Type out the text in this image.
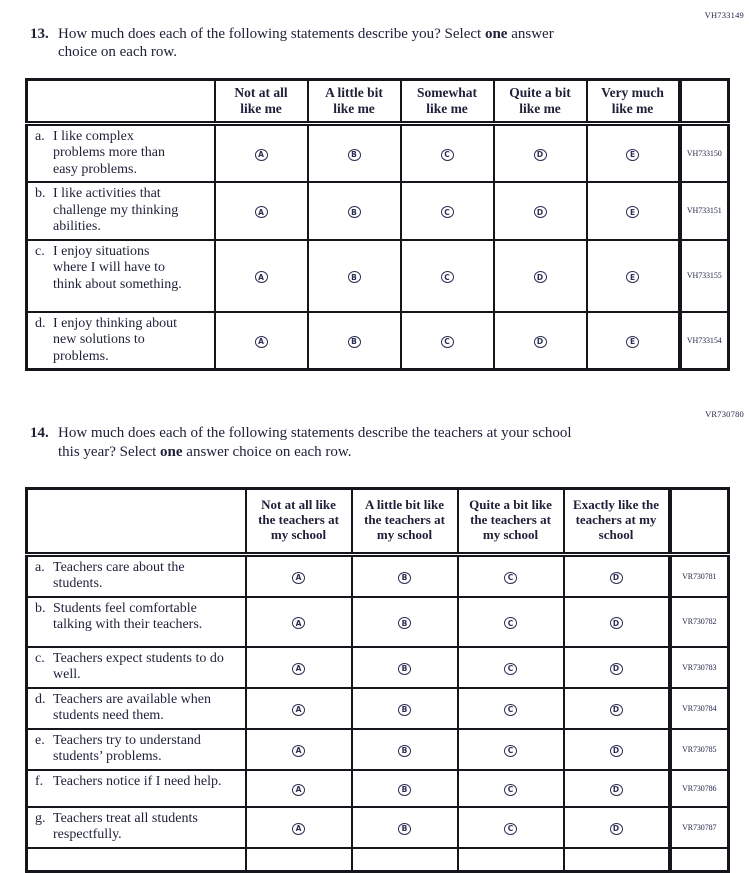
VH733149
13. How much does each of the following statements describe you? Select one answer
choice on each row.
	Not at all like me	A little bit like me	Somewhat like me	Quite a bit like me	Very much like me	

a. I like complex problems more than easy problems.	A	B	C	D	E	VH733150

b. I like activities that challenge my thinking abilities.	A	B	C	D	E	VH733151

c. I enjoy situations where I will have to think about something.	A	B	C	D	E	VH733155

d. I enjoy thinking about new solutions to problems.	A	B	C	D	E	VH733154
VR730780
14. How much does each of the following statements describe the teachers at your school
this year? Select one answer choice on each row.
	Not at all like the teachers at my school	A little bit like the teachers at my school	Quite a bit like the teachers at my school	Exactly like the teachers at my school	

a. Teachers care about the students.	A	B	C	D	VR730781

b. Students feel comfortable talking with their teachers.	A	B	C	D	VR730782

c. Teachers expect students to do well.	A	B	C	D	VR730783

d. Teachers are available when students need them.	A	B	C	D	VR730784

e. Teachers try to understand students’ problems.	A	B	C	D	VR730785

f. Teachers notice if I need help.	A	B	C	D	VR730786

g. Teachers treat all students respectfully.	A	B	C	D	VR730787
